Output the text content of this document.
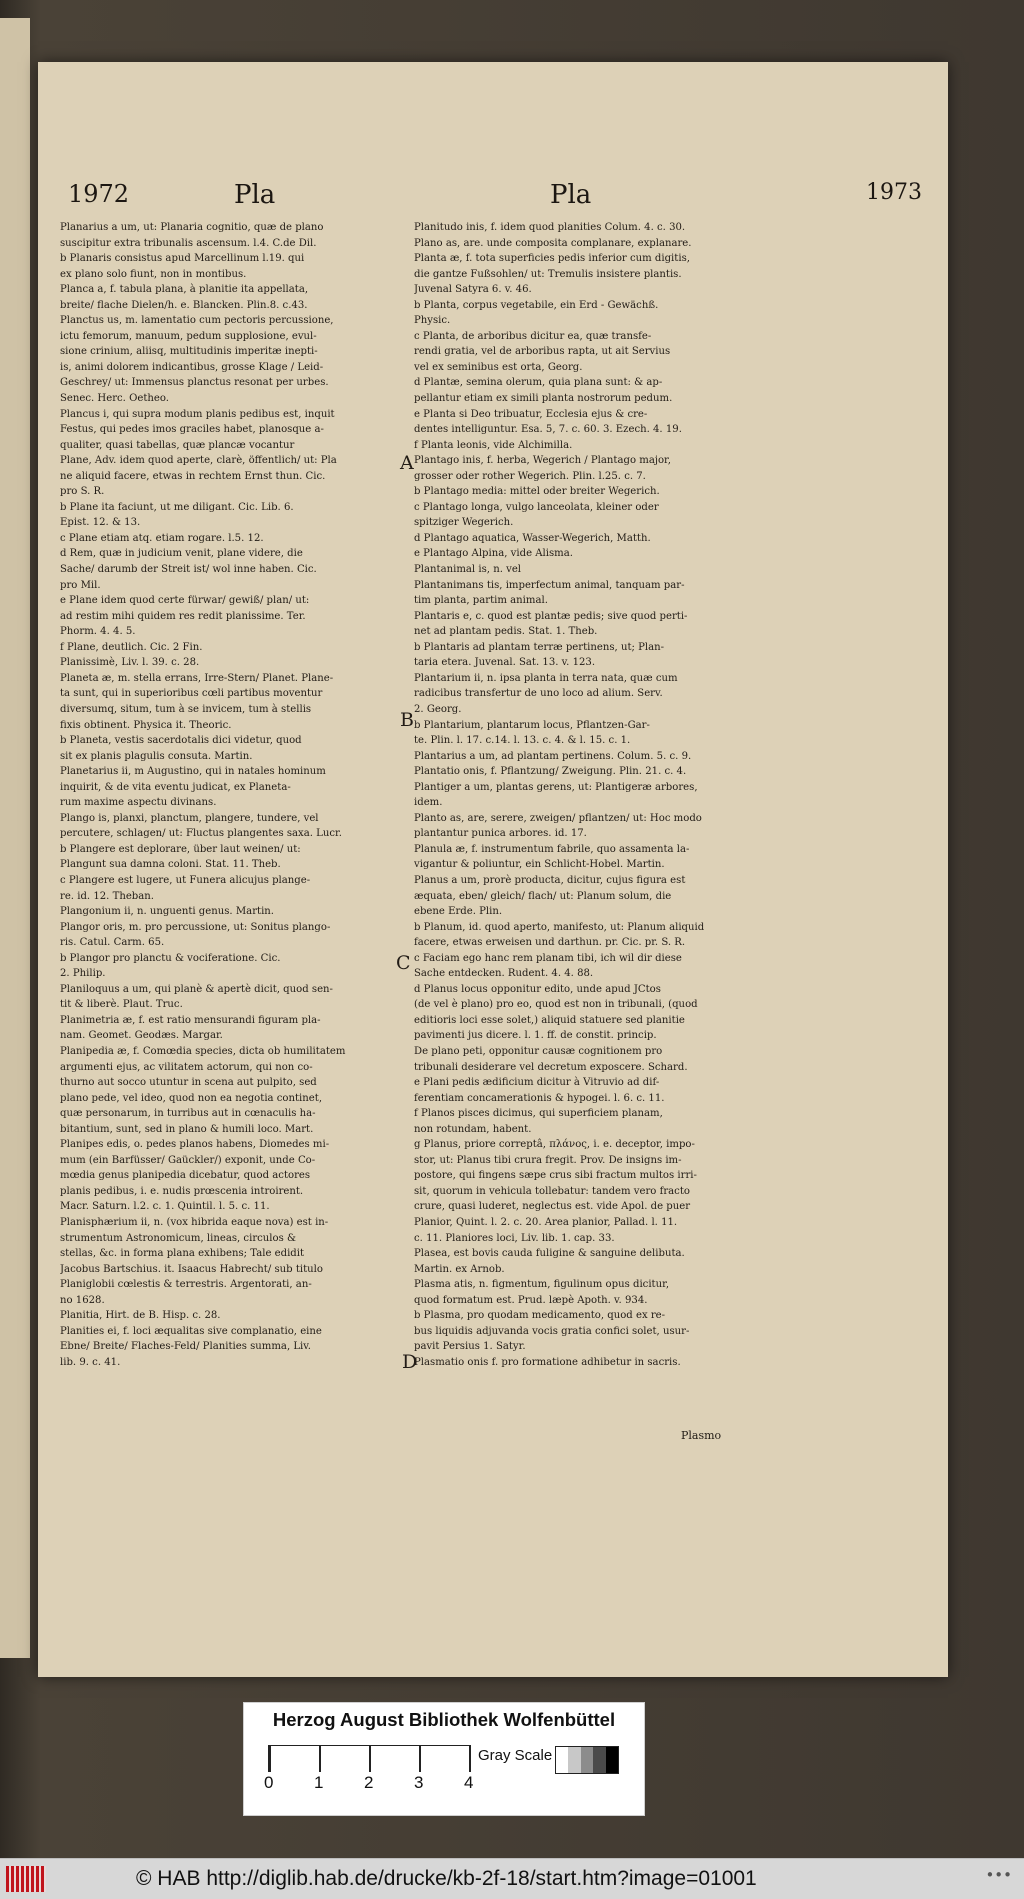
1972	Pla	Pla	1973
Planarius a um, ut: Planaria cognitio, quæ de plano
suscipitur extra tribunalis ascensum. l.4. C.de Dil.
b Planaris consistus apud Marcellinum l.19. qui
ex plano solo fiunt, non in montibus.
Planca a, f. tabula plana, à planitie ita appellata,
breite/ flache Dielen/h. e. Blancken. Plin.8. c.43.
Planctus us, m. lamentatio cum pectoris percussione,
ictu femorum, manuum, pedum supplosione, evul-
sione crinium, aliisq, multitudinis imperitæ inepti-
is, animi dolorem indicantibus, grosse Klage / Leid-
Geschrey/ ut: Immensus planctus resonat per urbes.
Senec. Herc. Oetheo.
Plancus i, qui supra modum planis pedibus est, inquit
Festus, qui pedes imos graciles habet, planosque a-
qualiter, quasi tabellas, quæ plancæ vocantur
Plane, Adv. idem quod aperte, clarè, öffentlich/ ut: Pla
ne aliquid facere, etwas in rechtem Ernst thun. Cic.
pro S. R.
b Plane ita faciunt, ut me diligant. Cic. Lib. 6.
Epist. 12. & 13.
c Plane etiam atq. etiam rogare. l.5. 12.
d Rem, quæ in judicium venit, plane videre, die
Sache/ darumb der Streit ist/ wol inne haben. Cic.
pro Mil.
e Plane idem quod certe fürwar/ gewiß/ plan/ ut:
ad restim mihi quidem res redit planissime. Ter.
Phorm. 4. 4. 5.
f Plane, deutlich. Cic. 2 Fin.
Planissimè, Liv. l. 39. c. 28.
Planeta æ, m. stella errans, Irre-Stern/ Planet. Plane-
ta sunt, qui in superioribus cœli partibus moventur
diversumq, situm, tum à se invicem, tum à stellis
fixis obtinent. Physica it. Theoric.
b Planeta, vestis sacerdotalis dici videtur, quod
sit ex planis plagulis consuta. Martin.
Planetarius ii, m Augustino, qui in natales hominum
inquirit, & de vita eventu judicat, ex Planeta-
rum maxime aspectu divinans.
Plango is, planxi, planctum, plangere, tundere, vel
percutere, schlagen/ ut: Fluctus plangentes saxa. Lucr.
b Plangere est deplorare, über laut weinen/ ut:
Plangunt sua damna coloni. Stat. 11. Theb.
c Plangere est lugere, ut Funera alicujus plange-
re. id. 12. Theban.
Plangonium ii, n. unguenti genus. Martin.
Plangor oris, m. pro percussione, ut: Sonitus plango-
ris. Catul. Carm. 65.
b Plangor pro planctu & vociferatione. Cic.
2. Philip.
Planiloquus a um, qui planè & apertè dicit, quod sen-
tit & liberè. Plaut. Truc.
Planimetria æ, f. est ratio mensurandi figuram pla-
nam. Geomet. Geodæs. Margar.
Planipedia æ, f. Comœdia species, dicta ob humilitatem
argumenti ejus, ac vilitatem actorum, qui non co-
thurno aut socco utuntur in scena aut pulpito, sed
plano pede, vel ideo, quod non ea negotia continet,
quæ personarum, in turribus aut in cœnaculis ha-
bitantium, sunt, sed in plano & humili loco. Mart.
Planipes edis, o. pedes planos habens, Diomedes mi-
mum (ein Barfüsser/ Gaückler/) exponit, unde Co-
mœdia genus planipedia dicebatur, quod actores
planis pedibus, i. e. nudis prœscenia introirent.
Macr. Saturn. l.2. c. 1. Quintil. l. 5. c. 11.
Planisphærium ii, n. (vox hibrida eaque nova) est in-
strumentum Astronomicum, lineas, circulos &
stellas, &c. in forma plana exhibens; Tale edidit
Jacobus Bartschius. it. Isaacus Habrecht/ sub titulo
Planiglobii cœlestis & terrestris. Argentorati, an-
no 1628.
Planitia, Hirt. de B. Hisp. c. 28.
Planities ei, f. loci æqualitas sive complanatio, eine
Ebne/ Breite/ Flaches-Feld/ Planities summa, Liv.
lib. 9. c. 41.
Planitudo inis, f. idem quod planities Colum. 4. c. 30.
Plano as, are. unde composita complanare, explanare.
Planta æ, f. tota superficies pedis inferior cum digitis,
die gantze Fußsohlen/ ut: Tremulis insistere plantis.
Juvenal Satyra 6. v. 46.
b Planta, corpus vegetabile, ein Erd - Gewächß.
Physic.
c Planta, de arboribus dicitur ea, quæ transfe-
rendi gratia, vel de arboribus rapta, ut ait Servius
vel ex seminibus est orta, Georg.
d Plantæ, semina olerum, quia plana sunt: & ap-
pellantur etiam ex simili planta nostrorum pedum.
e Planta si Deo tribuatur, Ecclesia ejus & cre-
dentes intelliguntur. Esa. 5, 7. c. 60. 3. Ezech. 4. 19.
f Planta leonis, vide Alchimilla.
Plantago inis, f. herba, Wegerich / Plantago major,
grosser oder rother Wegerich. Plin. l.25. c. 7.
b Plantago media: mittel oder breiter Wegerich.
c Plantago longa, vulgo lanceolata, kleiner oder
spitziger Wegerich.
d Plantago aquatica, Wasser-Wegerich, Matth.
e Plantago Alpina, vide Alisma.
Plantanimal is, n. vel
Plantanimans tis, imperfectum animal, tanquam par-
tim planta, partim animal.
Plantaris e, c. quod est plantæ pedis; sive quod perti-
net ad plantam pedis. Stat. 1. Theb.
b Plantaris ad plantam terræ pertinens, ut; Plan-
taria etera. Juvenal. Sat. 13. v. 123.
Plantarium ii, n. ipsa planta in terra nata, quæ cum
radicibus transfertur de uno loco ad alium. Serv.
2. Georg.
b Plantarium, plantarum locus, Pflantzen-Gar-
te. Plin. l. 17. c.14. l. 13. c. 4. & l. 15. c. 1.
Plantarius a um, ad plantam pertinens. Colum. 5. c. 9.
Plantatio onis, f. Pflantzung/ Zweigung. Plin. 21. c. 4.
Plantiger a um, plantas gerens, ut: Plantigeræ arbores,
idem.
Planto as, are, serere, zweigen/ pflantzen/ ut: Hoc modo
plantantur punica arbores. id. 17.
Planula æ, f. instrumentum fabrile, quo assamenta la-
vigantur & poliuntur, ein Schlicht-Hobel. Martin.
Planus a um, prorè producta, dicitur, cujus figura est
æquata, eben/ gleich/ flach/ ut: Planum solum, die
ebene Erde. Plin.
b Planum, id. quod aperto, manifesto, ut: Planum aliquid
facere, etwas erweisen und darthun. pr. Cic. pr. S. R.
c Faciam ego hanc rem planam tibi, ich wil dir diese
Sache entdecken. Rudent. 4. 4. 88.
d Planus locus opponitur edito, unde apud JCtos
(de vel è plano) pro eo, quod est non in tribunali, (quod
editioris loci esse solet,) aliquid statuere sed planitie
pavimenti jus dicere. l. 1. ff. de constit. princip.
De plano peti, opponitur causæ cognitionem pro
tribunali desiderare vel decretum exposcere. Schard.
e Plani pedis ædificium dicitur à Vitruvio ad dif-
ferentiam concamerationis & hypogei. l. 6. c. 11.
f Planos pisces dicimus, qui superficiem planam,
non rotundam, habent.
g Planus, priore correptâ, πλάνος, i. e. deceptor, impo-
stor, ut: Planus tibi crura fregit. Prov. De insigns im-
postore, qui fingens sæpe crus sibi fractum multos irri-
sit, quorum in vehicula tollebatur: tandem vero fracto
crure, quasi luderet, neglectus est. vide Apol. de puer
Planior, Quint. l. 2. c. 20. Area planior, Pallad. l. 11.
c. 11. Planiores loci, Liv. lib. 1. cap. 33.
Plasea, est bovis cauda fuligine & sanguine delibuta.
Martin. ex Arnob.
Plasma atis, n. figmentum, figulinum opus dicitur,
quod formatum est. Prud. læpè Apoth. v. 934.
b Plasma, pro quodam medicamento, quod ex re-
bus liquidis adjuvanda vocis gratia confici solet, usur-
pavit Persius 1. Satyr.
Plasmatio onis f. pro formatione adhibetur in sacris.
A
B
C
D
Plasmo
Herzog August Bibliothek Wolfenbüttel
0 1 2 3 4
Gray Scale
© HAB http://diglib.hab.de/drucke/kb-2f-18/start.htm?image=01001	•••
